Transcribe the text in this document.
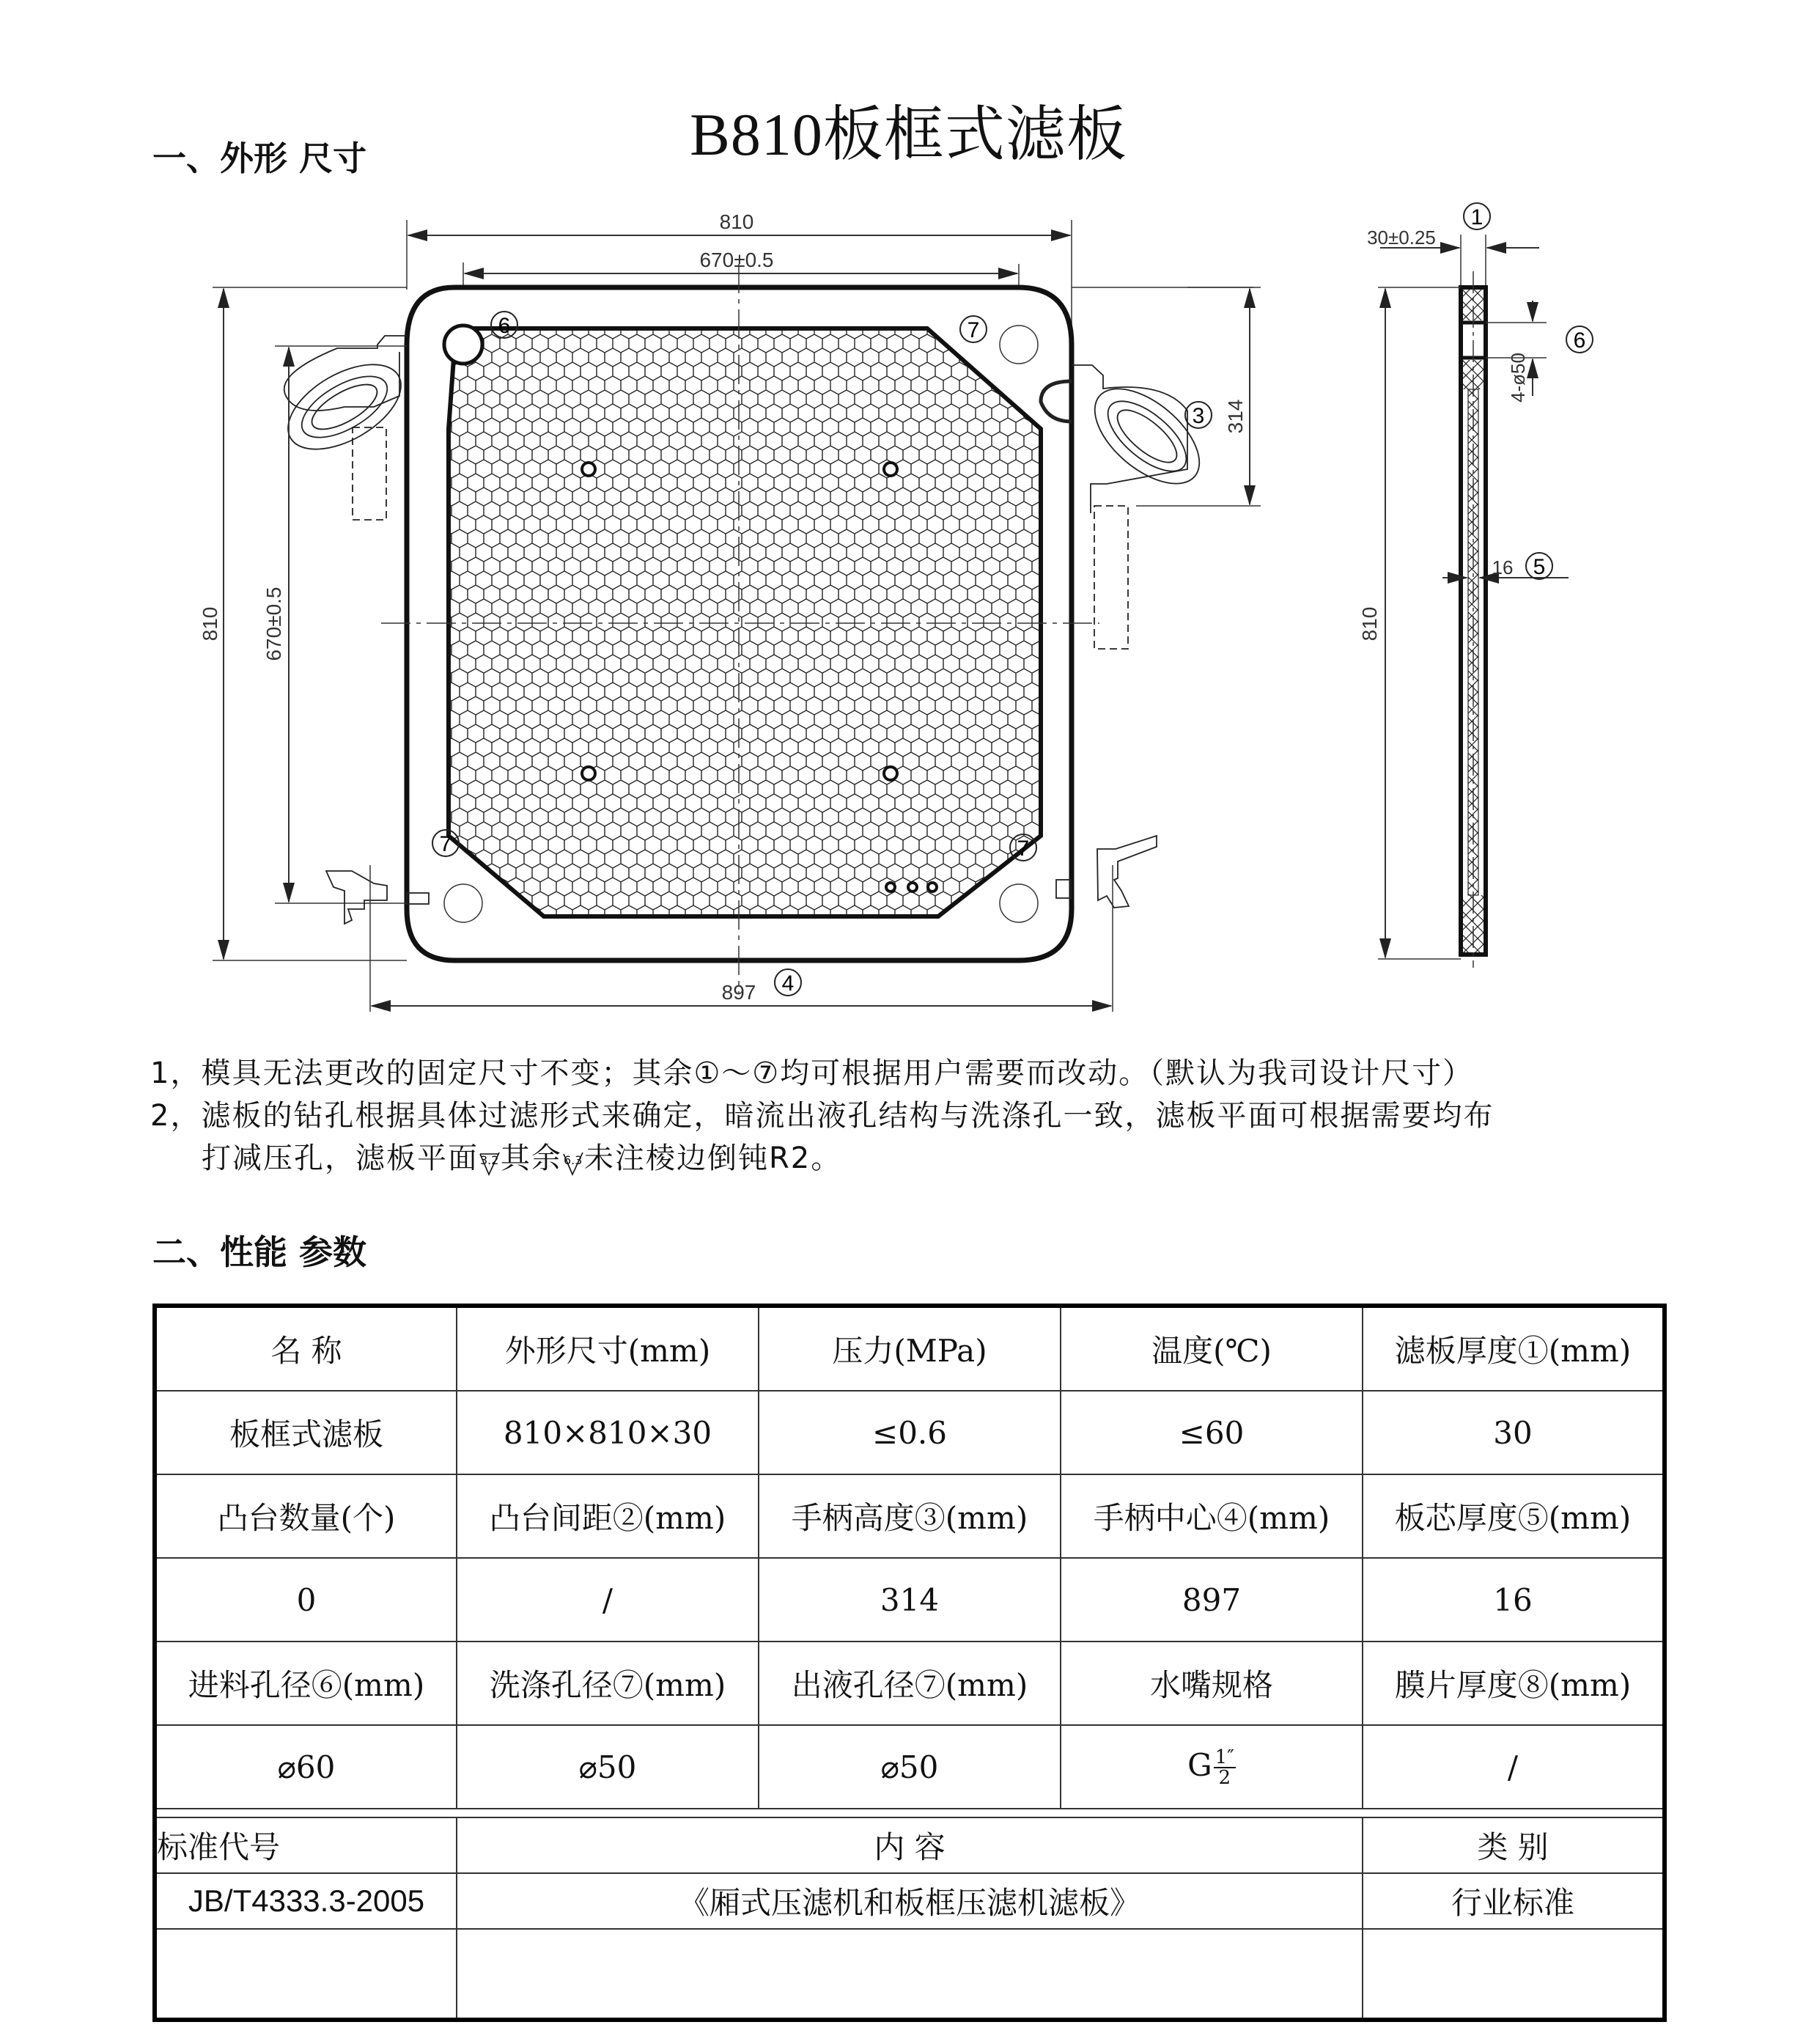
B810板框式滤板
一、外形 尺寸
810
670±0.5
6	7
3
7	7
4
810 670±0.5
314
897
30±0.25
1
4-ø50
6
16 5
810
1，模具无法更改的固定尺寸不变；其余①～⑦均可根据用户需要而改动。（默认为我司设计尺寸）
2，滤板的钻孔根据具体过滤形式来确定，暗流出液孔结构与洗涤孔一致，滤板平面可根据需要均布
打减压孔，滤板平面 3.2 其余 6.3 未注棱边倒钝R2。
二、性能 参数
名 称	外形尺寸(mm)	压力(MPa)	温度(℃)	滤板厚度①(mm)
板框式滤板	810×810×30	≤0.6	≤60	30
凸台数量(个)	凸台间距②(mm)	手柄高度③(mm)	手柄中心④(mm)	板芯厚度⑤(mm)
0	/	314	897	16
进料孔径⑥(mm)	洗涤孔径⑦(mm)	出液孔径⑦(mm)	水嘴规格	膜片厚度⑧(mm)
⌀60	⌀50	⌀50	G $\frac{1''}{2}$	/

标准代号	内 容			类 别
JB/T4333.3-2005	《厢式压滤机和板框压滤机滤板》			行业标准
